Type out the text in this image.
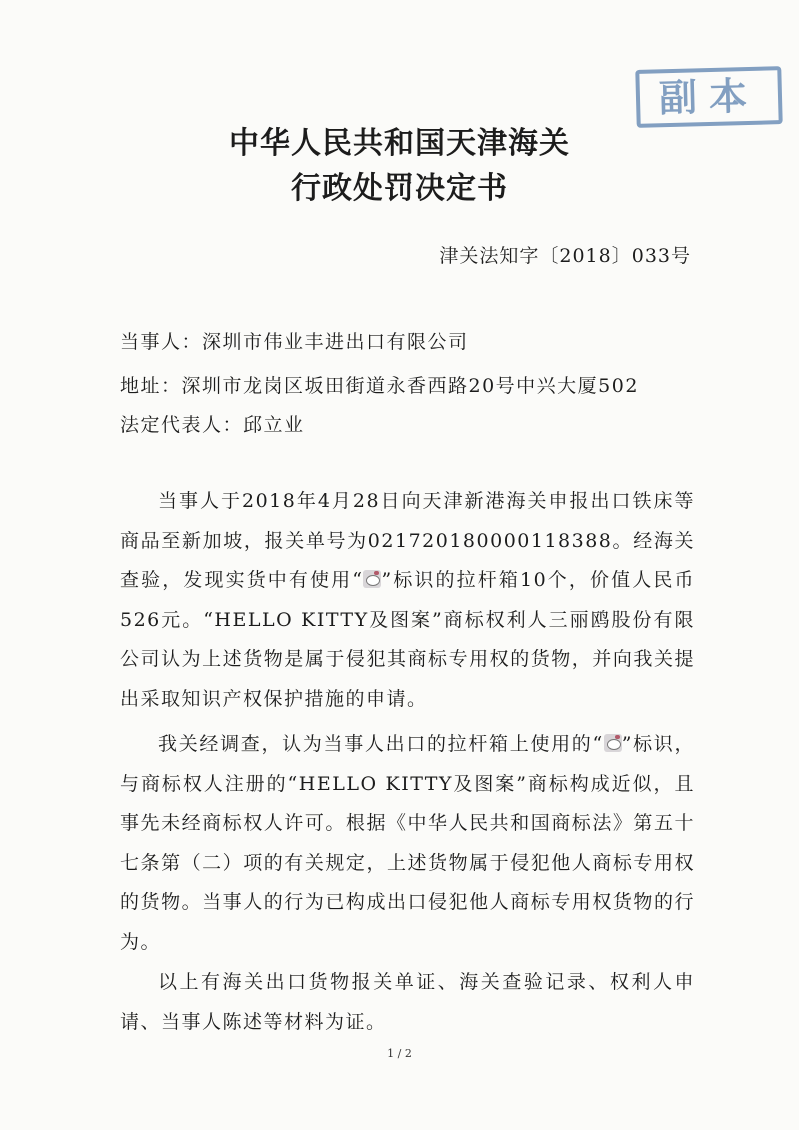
副本
中华人民共和国天津海关
行政处罚决定书
津关法知字〔2018〕033号
当事人：深圳市伟业丰进出口有限公司
地址：深圳市龙岗区坂田街道永香西路20号中兴大厦502
法定代表人：邱立业

当事人于2018年4月28日向天津新港海关申报出口铁床等商品至新加坡，报关单号为021720180000118388。经海关查验，发现实货中有使用“ ”标识的拉杆箱10个，价值人民币526元。“HELLO KITTY及图案”商标权利人三丽鸥股份有限公司认为上述货物是属于侵犯其商标专用权的货物，并向我关提出采取知识产权保护措施的申请。

我关经调查，认为当事人出口的拉杆箱上使用的“ ”标识，与商标权人注册的“HELLO KITTY及图案”商标构成近似，且事先未经商标权人许可。根据《中华人民共和国商标法》第五十七条第（二）项的有关规定，上述货物属于侵犯他人商标专用权的货物。当事人的行为已构成出口侵犯他人商标专用权货物的行为。

以上有海关出口货物报关单证、海关查验记录、权利人申请、当事人陈述等材料为证。

1 / 2
